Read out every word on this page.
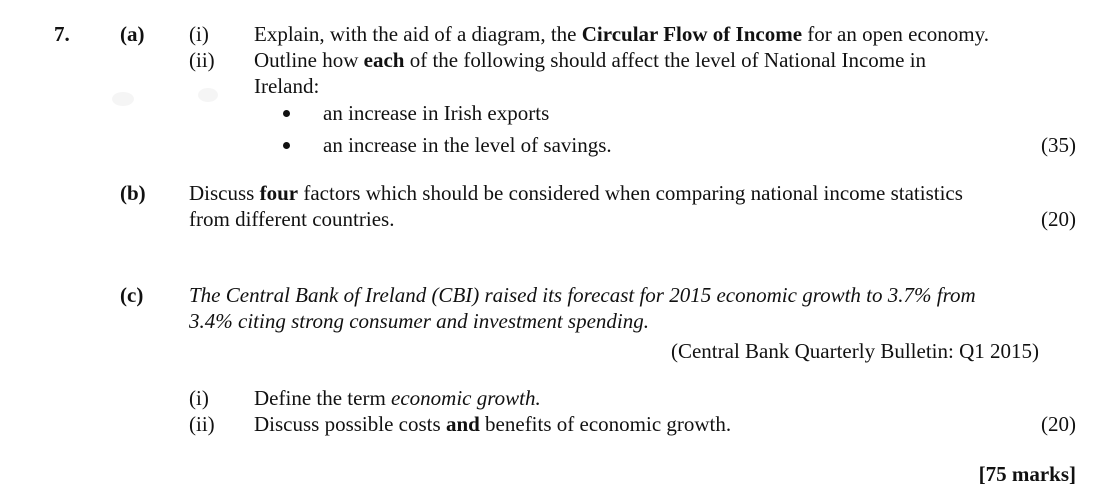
7. (a) (i) Explain, with the aid of a diagram, the Circular Flow of Income for an open economy.
(ii) Outline how each of the following should affect the level of National Income in
Ireland:
an increase in Irish exports
an increase in the level of savings.	(35)
(b) Discuss four factors which should be considered when comparing national income statistics
from different countries.	(20)
(c) The Central Bank of Ireland (CBI) raised its forecast for 2015 economic growth to 3.7% from
3.4% citing strong consumer and investment spending.
(Central Bank Quarterly Bulletin: Q1 2015)
(i) Define the term economic growth.
(ii) Discuss possible costs and benefits of economic growth.	(20)
[75 marks]
